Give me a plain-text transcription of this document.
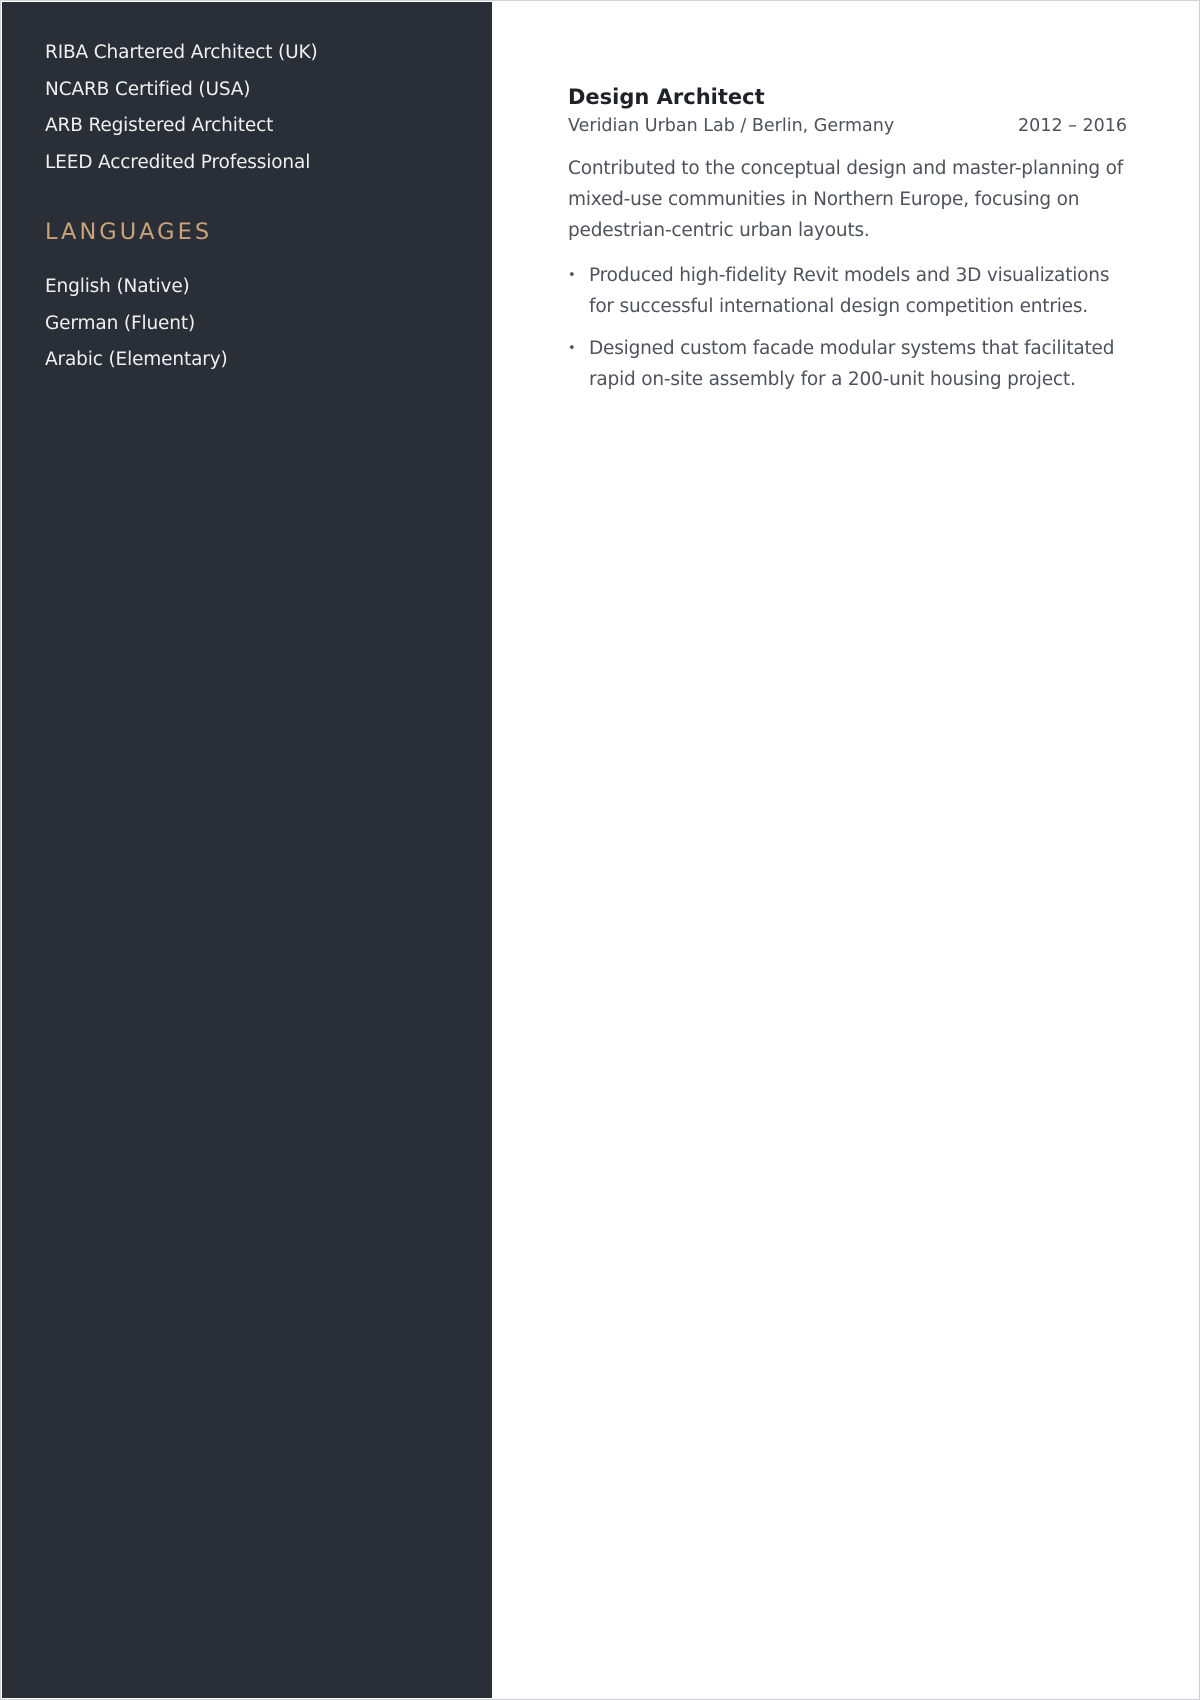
RIBA Chartered Architect (UK)
NCARB Certified (USA)
ARB Registered Architect
LEED Accredited Professional
LANGUAGES
English (Native)
German (Fluent)
Arabic (Elementary)
Design Architect
Veridian Urban Lab / Berlin, Germany	2012 – 2016

Contributed to the conceptual design and master-planning of mixed-use communities in Northern Europe, focusing on pedestrian-centric urban layouts.

• Produced high-fidelity Revit models and 3D visualizations for successful international design competition entries.
• Designed custom facade modular systems that facilitated rapid on-site assembly for a 200-unit housing project.
